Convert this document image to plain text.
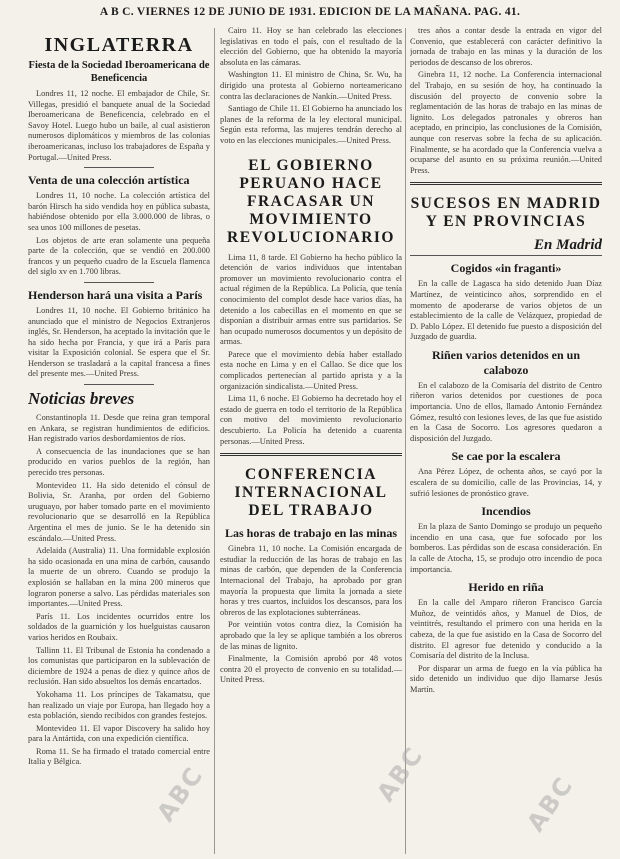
A B C. VIERNES 12 DE JUNIO DE 1931. EDICION DE LA MAÑANA. PAG. 41.
INGLATERRA
Fiesta de la Sociedad Iberoamericana de Beneficencia

Londres 11, 12 noche. El embajador de Chile, Sr. Villegas, presidió el banquete anual de la Sociedad Iberoamericana de Beneficencia, celebrado en el Savoy Hotel. Luego hubo un baile, al cual asistieron numerosos diplomáticos y miembros de las colonias iberoamericanas, incluso los trabajadores de España y Portugal.—United Press.

Venta de una colección artística

Londres 11, 10 noche. La colección artística del barón Hirsch ha sido vendida hoy en pública subasta, habiéndose obtenido por ella 3.000.000 de libras, o sea unos 100 millones de pesetas.

Los objetos de arte eran solamente una pequeña parte de la colección, que se vendió en 200.000 francos y un pequeño cuadro de la Escuela flamenca del siglo xv en 1.700 libras.

Henderson hará una visita a París

Londres 11, 10 noche. El Gobierno británico ha anunciado que el ministro de Negocios Extranjeros inglés, Sr. Henderson, ha aceptado la invitación que le ha sido hecha por Francia, y que irá a París para visitar la Exposición colonial. Se espera que el Sr. Henderson se trasladará a la capital francesa a fines del presente mes.—United Press.

Noticias breves

Constantinopla 11. Desde que reina gran temporal en Ankara, se registran hundimientos de edificios. Han registrado varios desbordamientos de ríos.

A consecuencia de las inundaciones que se han producido en varios pueblos de la región, han perecido tres personas.

Montevideo 11. Ha sido detenido el cónsul de Bolivia, Sr. Aranha, por orden del Gobierno uruguayo, por haber tomado parte en el movimiento revolucionario que se desarrolló en la República Argentina el mes de junio. Se le ha detenido sin escándalo.—United Press.

Adelaida (Australia) 11. Una formidable explosión ha sido ocasionada en una mina de carbón, causando la muerte de un obrero. Cuando se produjo la explosión se hallaban en la mina 200 mineros que lograron ponerse a salvo. Las pérdidas materiales son importantes.—United Press.

París 11. Los incidentes ocurridos entre los soldados de la guarnición y los huelguistas causaron varios heridos en Roubaix.

Tallinn 11. El Tribunal de Estonia ha condenado a los comunistas que participaron en la sublevación de diciembre de 1924 a penas de diez y quince años de reclusión. Han sido absueltos los demás encartados.

Yokohama 11. Los príncipes de Takamatsu, que han realizado un viaje por Europa, han llegado hoy a esta población, siendo recibidos con grandes festejos.

Montevideo 11. El vapor Discovery ha salido hoy para la Antártida, con una expedición científica.

Roma 11. Se ha firmado el tratado comercial entre Italia y Bélgica.

Cairo 11. Hoy se han celebrado las elecciones legislativas en todo el país, con el resultado de la elección del Gobierno, que ha obtenido la mayoría absoluta en las cámaras.

Washington 11. El ministro de China, Sr. Wu, ha dirigido una protesta al Gobierno norteamericano contra las declaraciones de Nankín.—United Press.

Santiago de Chile 11. El Gobierno ha anunciado los planes de la reforma de la ley electoral municipal. Según esta reforma, las mujeres tendrán derecho al voto en las elecciones municipales.—United Press.

EL GOBIERNO PERUANO HACE FRACASAR UN MOVIMIENTO REVOLUCIONARIO

Lima 11, 8 tarde. El Gobierno ha hecho público la detención de varios individuos que intentaban promover un movimiento revolucionario contra el actual régimen de la República. La Policía, que tenía conocimiento del complot desde hace varios días, ha detenido a los cabecillas en el momento en que se disponían a distribuir armas entre sus partidarios. Se han ocupado numerosos documentos y un depósito de armas.

Parece que el movimiento debía haber estallado esta noche en Lima y en el Callao. Se dice que los complicados pertenecían al partido aprista y a la organización sindicalista.—United Press.

Lima 11, 6 noche. El Gobierno ha decretado hoy el estado de guerra en todo el territorio de la República con motivo del movimiento revolucionario descubierto. La Policía ha detenido a cuarenta personas.—United Press.

CONFERENCIA INTERNACIONAL DEL TRABAJO
Las horas de trabajo en las minas

Ginebra 11, 10 noche. La Comisión encargada de estudiar la reducción de las horas de trabajo en las minas de carbón, que dependen de la Conferencia Internacional del Trabajo, ha aprobado por gran mayoría la propuesta que limita la jornada a siete horas y tres cuartos, incluidos los descansos, para los obreros de las explotaciones subterráneas.

Por veintiún votos contra diez, la Comisión ha aprobado que la ley se aplique también a los obreros de las minas de lignito.

Finalmente, la Comisión aprobó por 48 votos contra 20 el proyecto de convenio en su totalidad.—United Press.

tres años a contar desde la entrada en vigor del Convenio, que establecerá con carácter definitivo la jornada de trabajo en las minas y la duración de los periodos de descanso de los obreros.

Ginebra 11, 12 noche. La Conferencia internacional del Trabajo, en su sesión de hoy, ha continuado la discusión del proyecto de convenio sobre la reglamentación de las horas de trabajo en las minas de lignito. Los delegados patronales y obreros han aceptado, en principio, las conclusiones de la Comisión, aunque con reservas sobre la fecha de su aplicación. Finalmente, se ha acordado que la Conferencia vuelva a ocuparse del asunto en su próxima reunión.—United Press.

SUCESOS EN MADRID Y EN PROVINCIAS
En Madrid
Cogidos «in fraganti»

En la calle de Lagasca ha sido detenido Juan Díaz Martínez, de veinticinco años, sorprendido en el momento de apoderarse de varios objetos de un establecimiento de la calle de Velázquez, propiedad de D. Pablo López. El detenido fue puesto a disposición del Juzgado de guardia.

Riñen varios detenidos en un calabozo

En el calabozo de la Comisaría del distrito de Centro riñeron varios detenidos por cuestiones de poca importancia. Uno de ellos, llamado Antonio Fernández Gómez, resultó con lesiones leves, de las que fue asistido en la Casa de Socorro. Los agresores quedaron a disposición del Juzgado.

Se cae por la escalera

Ana Pérez López, de ochenta años, se cayó por la escalera de su domicilio, calle de las Provincias, 14, y sufrió lesiones de pronóstico grave.

Incendios

En la plaza de Santo Domingo se produjo un pequeño incendio en una casa, que fue sofocado por los bomberos. Las pérdidas son de escasa consideración. En la calle de Atocha, 15, se produjo otro incendio de poca importancia.

Herido en riña

En la calle del Amparo riñeron Francisco García Muñoz, de veintidós años, y Manuel de Dios, de veintitrés, resultando el primero con una herida en la cabeza, de la que fue asistido en la Casa de Socorro del distrito. El agresor fue detenido y conducido a la Comisaría del distrito de la Inclusa.

Por disparar un arma de fuego en la vía pública ha sido detenido un individuo que dijo llamarse Jesús Martín.

ABC	ABC	ABC
